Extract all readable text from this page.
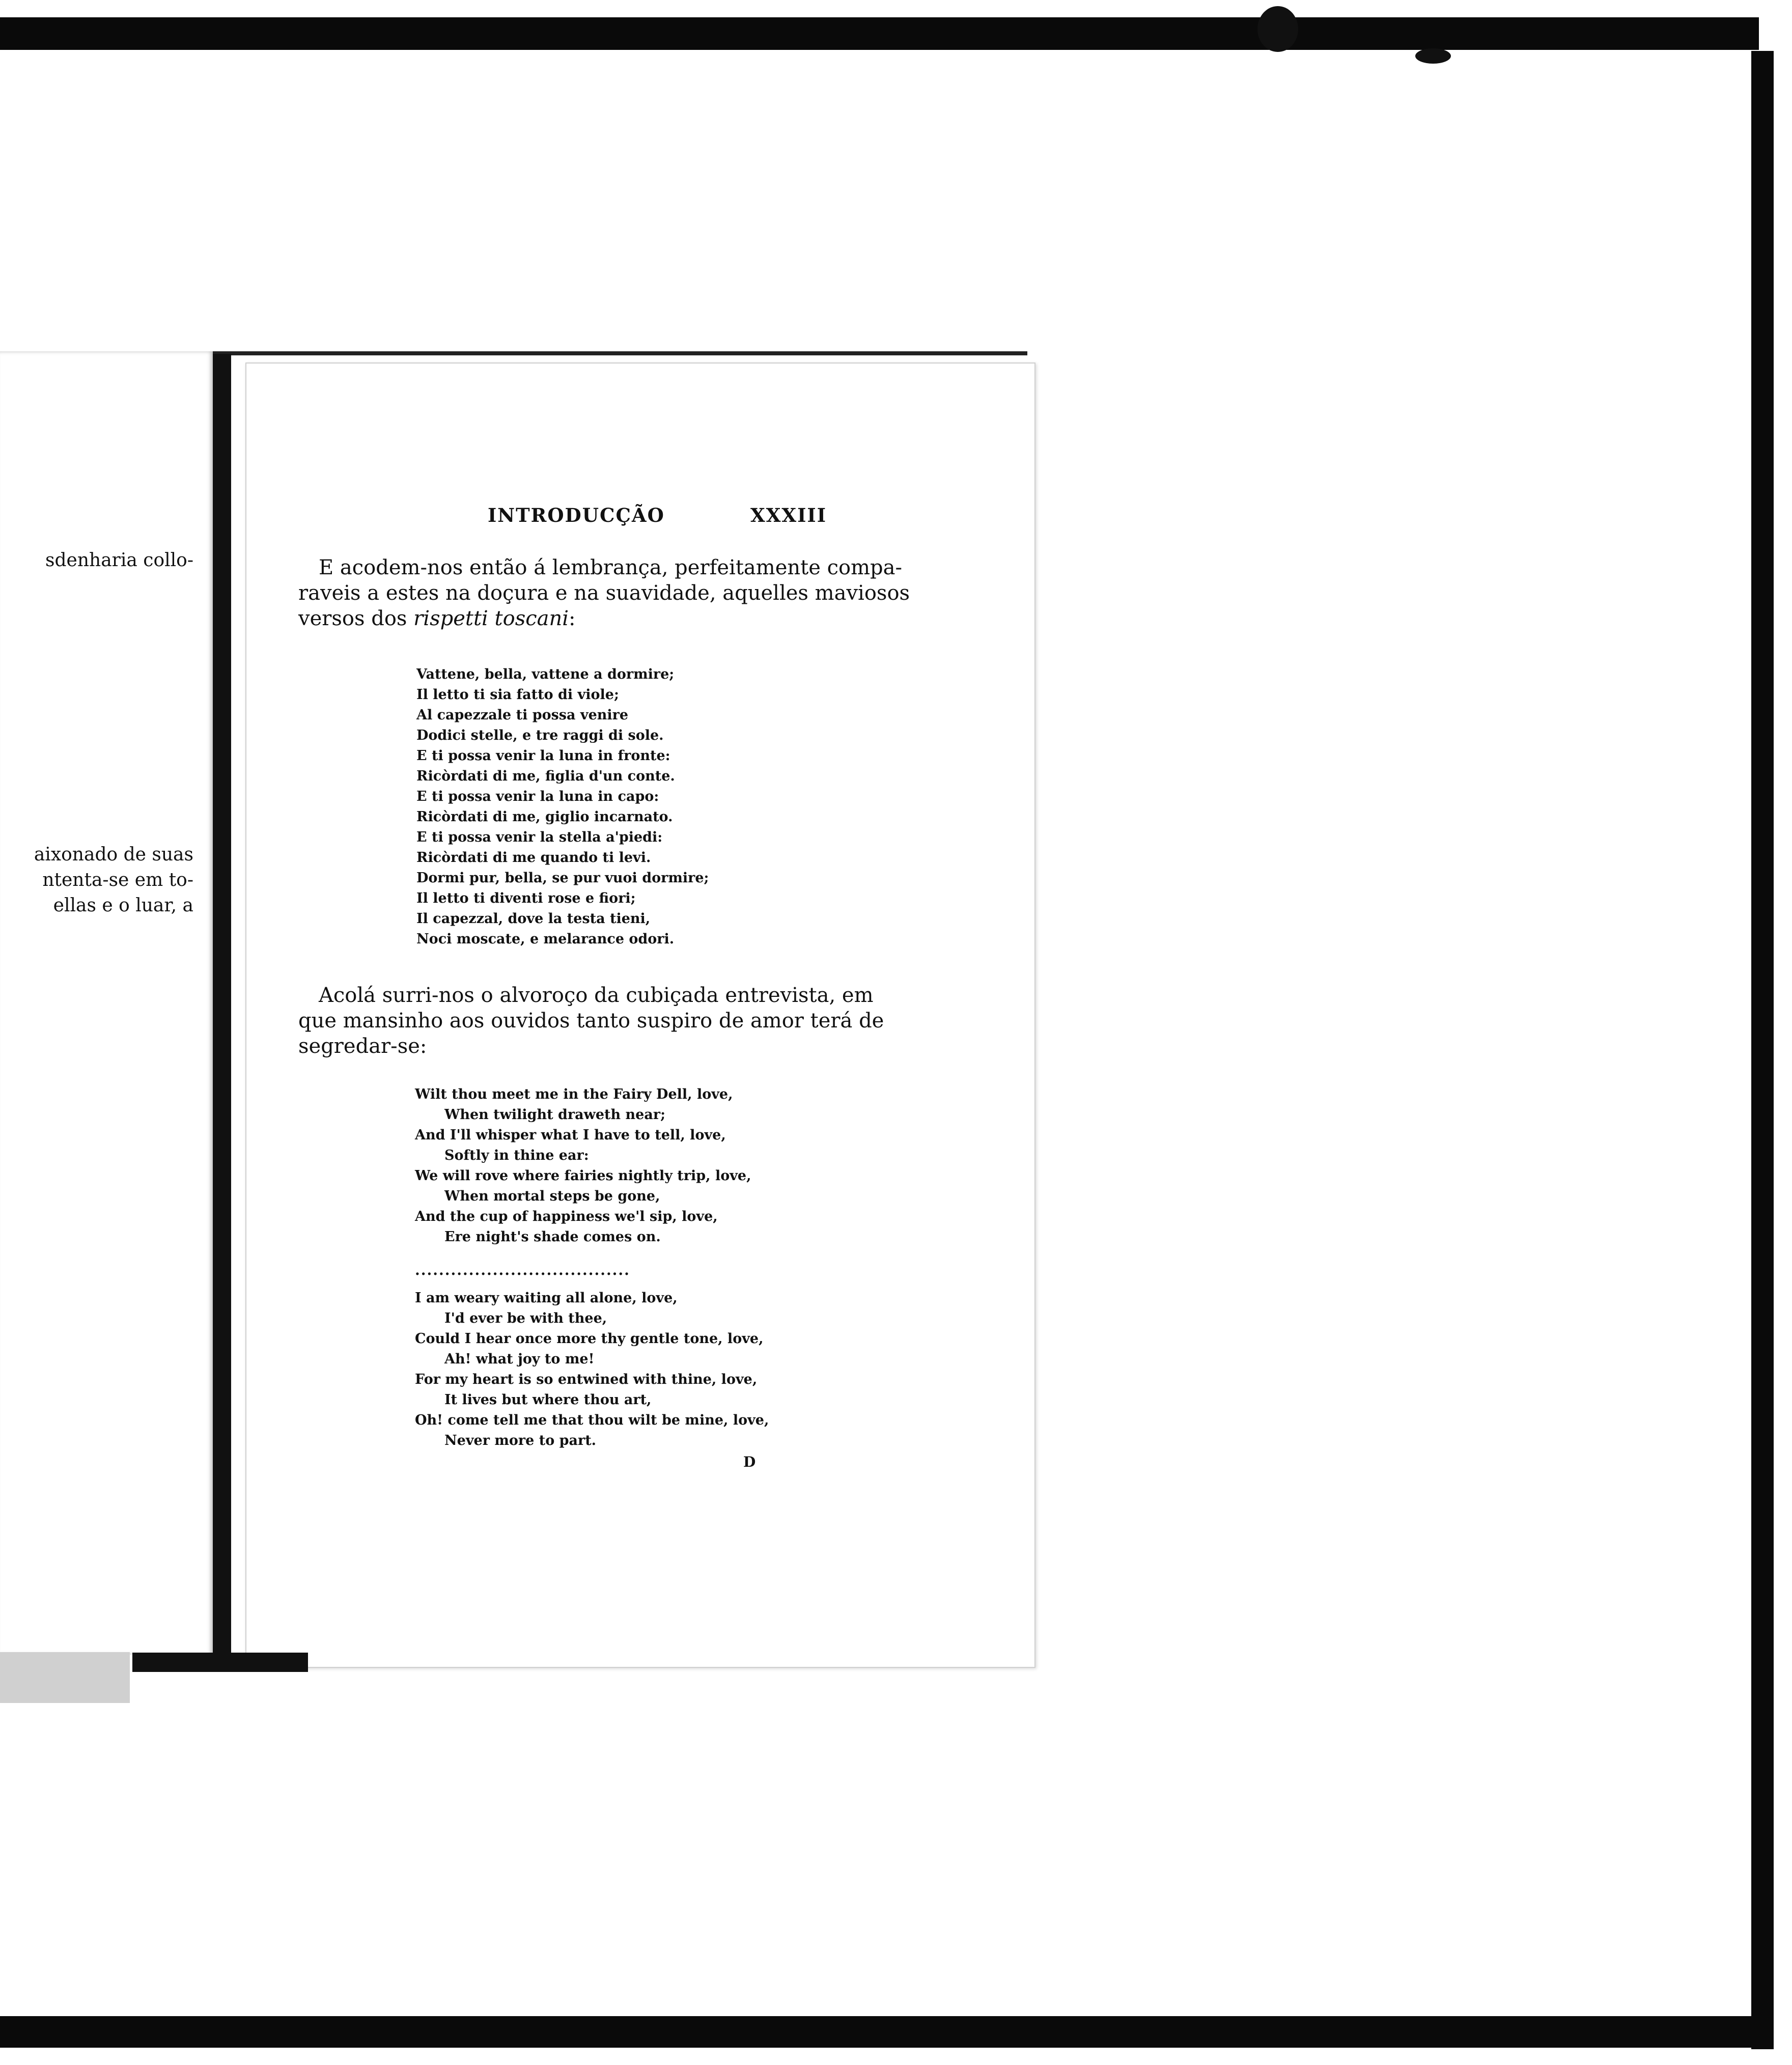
sdenharia collo-
aixonado de suas
ntenta-se em to-
ellas e o luar, a
INTRODUCÇÃO	XXXIII
E acodem-nos então á lembrança, perfeitamente compa-
raveis a estes na doçura e na suavidade, aquelles maviosos
versos dos rispetti toscani:
Vattene, bella, vattene a dormire;
Il letto ti sia fatto di viole;
Al capezzale ti possa venire
Dodici stelle, e tre raggi di sole.
E ti possa venir la luna in fronte:
Ricòrdati di me, figlia d'un conte.
E ti possa venir la luna in capo:
Ricòrdati di me, giglio incarnato.
E ti possa venir la stella a'piedi:
Ricòrdati di me quando ti levi.
Dormi pur, bella, se pur vuoi dormire;
Il letto ti diventi rose e fiori;
Il capezzal, dove la testa tieni,
Noci moscate, e melarance odori.
Acolá surri-nos o alvoroço da cubiçada entrevista, em
que mansinho aos ouvidos tanto suspiro de amor terá de
segredar-se:
Wilt thou meet me in the Fairy Dell, love,
When twilight draweth near;
And I'll whisper what I have to tell, love,
Softly in thine ear:
We will rove where fairies nightly trip, love,
When mortal steps be gone,
And the cup of happiness we'l sip, love,
Ere night's shade comes on.
....................................
I am weary waiting all alone, love,
I'd ever be with thee,
Could I hear once more thy gentle tone, love,
Ah! what joy to me!
For my heart is so entwined with thine, love,
It lives but where thou art,
Oh! come tell me that thou wilt be mine, love,
Never more to part.
D
